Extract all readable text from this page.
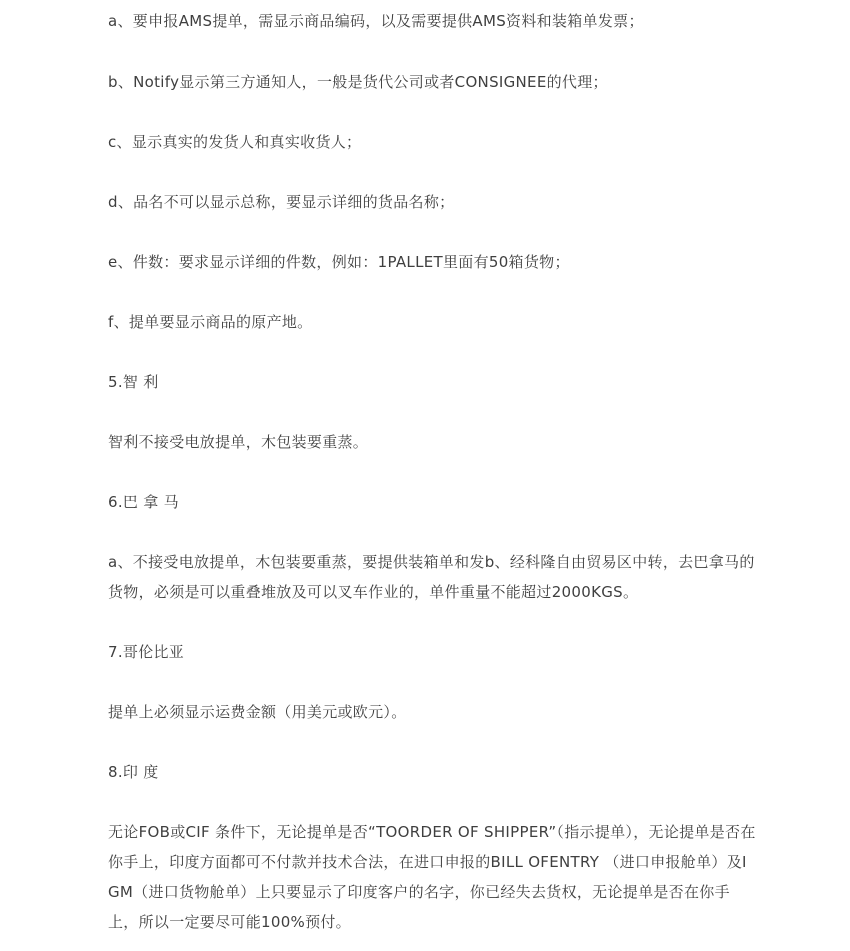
a、要申报AMS提单，需显示商品编码，以及需要提供AMS资料和装箱单发票；

b、Notify显示第三方通知人，一般是货代公司或者CONSIGNEE的代理；

c、显示真实的发货人和真实收货人；

d、品名不可以显示总称，要显示详细的货品名称；

e、件数：要求显示详细的件数，例如：1PALLET里面有50箱货物；

f、提单要显示商品的原产地。

5.智 利

智利不接受电放提单，木包装要重蒸。

6.巴 拿 马

a、不接受电放提单，木包装要重蒸，要提供装箱单和发b、经科隆自由贸易区中转，去巴拿马的货物，必须是可以重叠堆放及可以叉车作业的，单件重量不能超过2000KGS。

7.哥伦比亚

提单上必须显示运费金额（用美元或欧元）。

8.印 度

无论FOB或CIF 条件下，无论提单是否“TOORDER OF SHIPPER”（指示提单），无论提单是否在你手上，印度方面都可不付款并技术合法，在进口申报的BILL OFENTRY （进口申报舱单）及IGM（进口货物舱单）上只要显示了印度客户的名字，你已经失去货权，无论提单是否在你手上，所以一定要尽可能100%预付。
